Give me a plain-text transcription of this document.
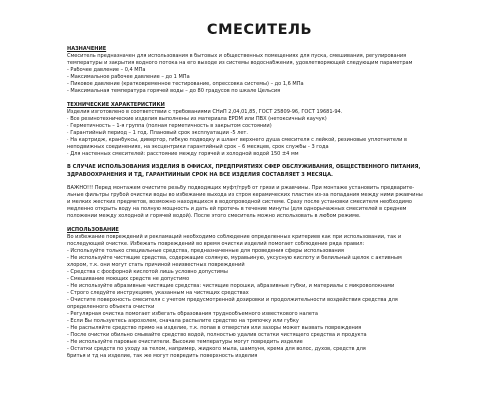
СМЕСИТЕЛЬ
НАЗНАЧЕНИЕ
Смеситель предназначен для использования в бытовых и общественных помещениях для пуска, смешивания, регулирования
температуры и закрытия водного потока на его выходе из системы водоснабжения, удовлетворяющей следующим параметрам
- Рабочее давление – 0,4 МПа
- Максимальное рабочее давление – до 1 МПа
- Пиковое давление (кратковременное тестирование, опрессовка системы) – до 1,6 МПа
- Максимальная температура горячей воды – до 80 градусов по шкале Цельсия
ТЕХНИЧЕСКИЕ ХАРАКТЕРИСТИКИ
Изделия изготовлено в соответствии с требованиями СНиП 2,04,01,85, ГОСТ 25809-96, ГОСТ 19681-94.
· Все резинотехнические изделия выполнены из материала EPDM или ПВХ (нетоксичный каучук)
· Герметичность – 1-я группа (полная герметичность в закрытом состоянии)
· Гарантийный период – 1 год. Плановый срок эксплуатации -5 лет.
· На картридж, кранбуксы, дивертор, гибкую подводку и шланг верхнего душа смесителя с лейкой, резиновые уплотнители в
неподвижных соединениях, на эксцентрики гарантийный срок – 6 месяцев, срок службы - 3 года
· Для настенных смесителей: расстояние между горячей и холодной водой 150 ±4 мм
В СЛУЧАЕ ИСПОЛЬЗОВАНИЯ ИЗДЕЛИЯ В ОФИСАХ, ПРЕДПРИЯТИЯХ СФЕР ОБСЛУЖИВАНИЯ, ОБЩЕСТВЕННОГО ПИТАНИЯ,
ЗДРАВООХРАНЕНИЯ И ТД, ГАРАНТИЙНЫЙ СРОК НА ВСЕ ИЗДЕЛИЯ СОСТАВЛЯЕТ 3 МЕСЯЦА.
ВАЖНО!!! Перед монтажем очистите резьбу подводящих муфт/труб от грязи и ржавчины. При монтаже установить предварите-
льные фильтры грубой очистки воды во избежание выхода из строя керамических пластин из-за попадания между ними ржавчины
и мелких жестких предметов, возможно находящихся в водопроводной системе. Сразу после установки смесителя необходимо
медленно открыть воду на полную мощность и дать ей протечь в течение минуты (для однорычажных смесителей в среднем
положении между холодной и горячей водой). После этого смеситель можно использовать в любом режиме.
ИСПОЛЬЗОВАНИЕ
Во избежание повреждений и рекламаций необходимо соблюдение определенных критериев как при использовании, так и
последующей очистке. Избежать повреждений во время очистки изделий помогает соблюдение ряда правил:
- Используйте только специальные средства, предназначенные для проведения сферы использования
- Не используйте чистящие средства, содержащие соляную, муравьиную, уксусную кислоту и белильный щелок с активным
хлором, т.к. они могут стать причиной неизвестных повреждений
- Средства с фосфорной кислотой лишь условно допустимы
- Смешивание моющих средств не допустимо
- Не используйте абразивные чистящие средства: чистящие порошки, абразивные губки, и материалы с микроволокнами
- Строго следуйте инструкциям, указанным на чистящих средствах
- Очистите поверхность смесителя с учетом предусмотренной дозировки и продолжительности воздействия средства для
определенного объекта очистки
- Регулярная очистка помогает избегать образования труднообъемного известкового налета
- Если Вы пользуетесь аэрозолем, сначала распылите средство на тряпочку или губку
- Не распыляйте средство прямо на изделие, т.к. попав в отверстия или зазоры может вызвать повреждения
- После очистки обильно смывайте средство водой, полностью удалив остатки чистящего средства и продукта
- Не используйте паровые очистители. Высокие температуры могут повредить изделие
- Остатки средств по уходу за телом, например, жидкого мыла, шампуня, крема для волос, духов, средств для
бритья и тд на изделие, так же могут повредить поверхность изделия
